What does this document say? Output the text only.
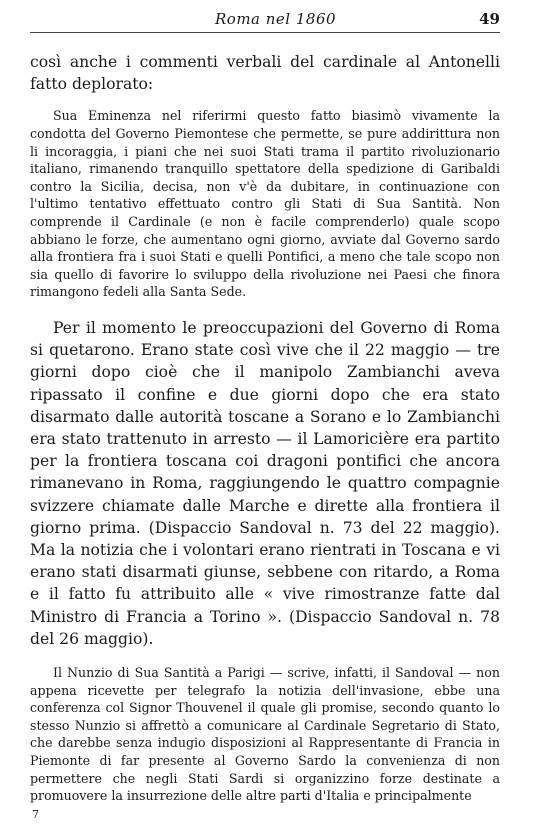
Roma nel 1860	49

così anche i commenti verbali del cardinale al Antonelli fatto deplorato:

Sua Eminenza nel riferirmi questo fatto biasimò vivamente la condotta del Governo Piemontese che permette, se pure addirittura non li incoraggia, i piani che nei suoi Stati trama il partito rivoluzionario italiano, rimanendo tranquillo spettatore della spedizione di Garibaldi contro la Sicilia, decisa, non v'è da dubitare, in continuazione con l'ultimo tentativo effettuato contro gli Stati di Sua Santità. Non comprende il Cardinale (e non è facile comprenderlo) quale scopo abbiano le forze, che aumentano ogni giorno, avviate dal Governo sardo alla frontiera fra i suoi Stati e quelli Pontifici, a meno che tale scopo non sia quello di favorire lo sviluppo della rivoluzione nei Paesi che finora rimangono fedeli alla Santa Sede.

Per il momento le preoccupazioni del Governo di Roma si quetarono. Erano state così vive che il 22 maggio — tre giorni dopo cioè che il manipolo Zambianchi aveva ripassato il confine e due giorni dopo che era stato disarmato dalle autorità toscane a Sorano e lo Zambianchi era stato trattenuto in arresto — il Lamoricière era partito per la frontiera toscana coi dragoni pontifici che ancora rimanevano in Roma, raggiungendo le quattro compagnie svizzere chiamate dalle Marche e dirette alla frontiera il giorno prima. (Dispaccio Sandoval n. 73 del 22 maggio). Ma la notizia che i volontari erano rientrati in Toscana e vi erano stati disarmati giunse, sebbene con ritardo, a Roma e il fatto fu attribuito alle « vive rimostranze fatte dal Ministro di Francia a Torino ». (Dispaccio Sandoval n. 78 del 26 maggio).

Il Nunzio di Sua Santità a Parigi — scrive, infatti, il Sandoval — non appena ricevette per telegrafo la notizia dell'invasione, ebbe una conferenza col Signor Thouvenel il quale gli promise, secondo quanto lo stesso Nunzio si affrettò a comunicare al Cardinale Segretario di Stato, che darebbe senza indugio disposizioni al Rappresentante di Francia in Piemonte di far presente al Governo Sardo la convenienza di non permettere che negli Stati Sardi si organizzino forze destinate a promuovere la insurrezione delle altre parti d'Italia e principalmente

7
